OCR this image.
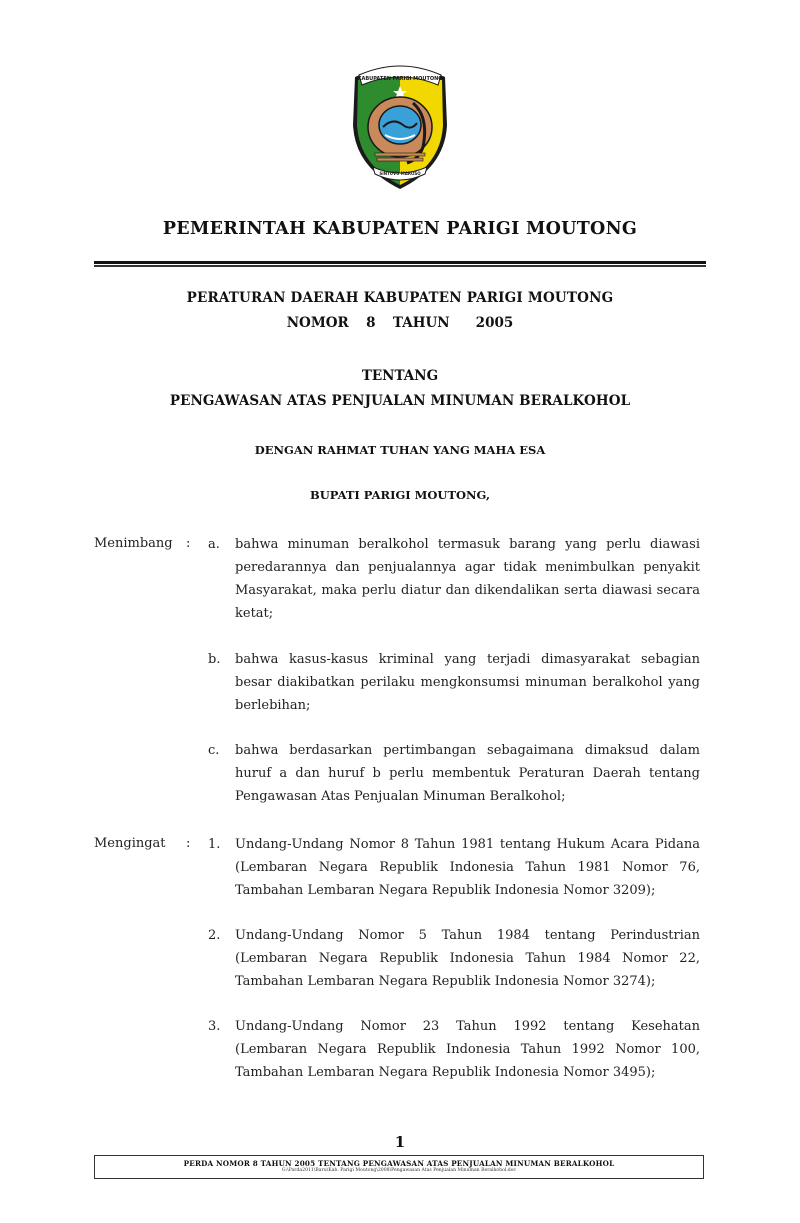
KABUPATEN PARIGI MOUTONG
SINTUVU MAROSO
PEMERINTAH KABUPATEN PARIGI MOUTONG
PERATURAN DAERAH KABUPATEN PARIGI MOUTONG
NOMOR  8  TAHUN   2005
TENTANG
PENGAWASAN ATAS PENJUALAN MINUMAN BERALKOHOL
DENGAN RAHMAT TUHAN YANG MAHA ESA
BUPATI PARIGI MOUTONG,
Menimbang : a.	bahwa minuman beralkohol termasuk barang yang perlu diawasi peredarannya dan penjualannya agar tidak menimbulkan penyakit Masyarakat, maka perlu diatur dan dikendalikan serta diawasi secara ketat;
b.	bahwa kasus-kasus kriminal yang terjadi dimasyarakat sebagian besar diakibatkan perilaku mengkonsumsi minuman beralkohol yang berlebihan;
c.	bahwa berdasarkan pertimbangan sebagaimana dimaksud dalam huruf a dan huruf b perlu membentuk Peraturan Daerah tentang Pengawasan Atas Penjualan Minuman Beralkohol;
Mengingat : 1.	Undang-Undang Nomor 8 Tahun 1981 tentang Hukum Acara Pidana (Lembaran Negara Republik Indonesia Tahun 1981 Nomor 76, Tambahan Lembaran Negara Republik Indonesia Nomor 3209);
2.	Undang-Undang Nomor 5 Tahun 1984 tentang Perindustrian (Lembaran Negara Republik Indonesia Tahun 1984 Nomor 22, Tambahan Lembaran Negara Republik Indonesia Nomor 3274);
3.	Undang-Undang Nomor 23 Tahun 1992 tentang Kesehatan (Lembaran Negara Republik Indonesia Tahun 1992 Nomor 100, Tambahan Lembaran Negara Republik Indonesia Nomor 3495);
1
PERDA NOMOR 8 TAHUN 2005 TENTANG PENGAWASAN ATAS PENJUALAN MINUMAN BERALKOHOL
G:\Parda2011\Baru\Kab. Parigi Moutong\2008\Pengawasan Atas Penjualan Minuman Beralkohol.doc
